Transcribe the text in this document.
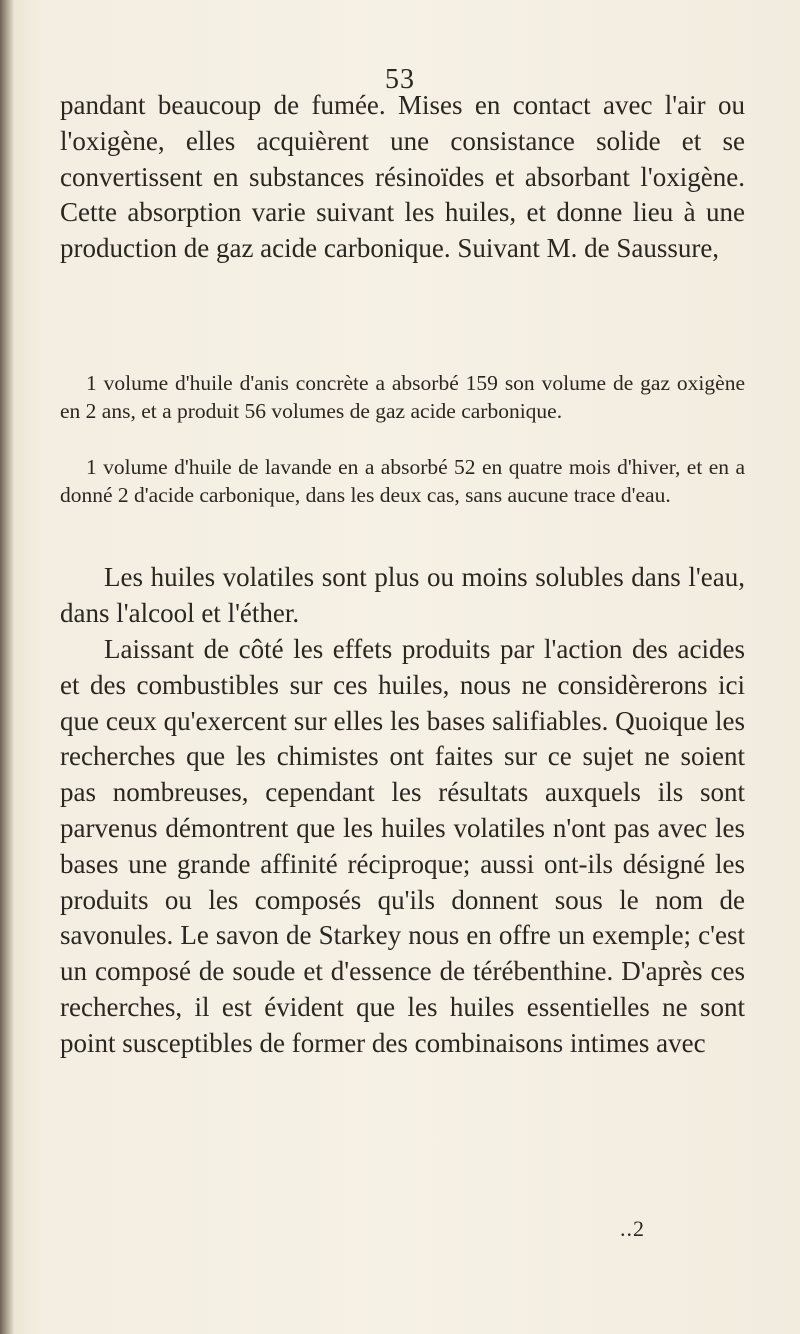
53

pandant beaucoup de fumée. Mises en contact avec l'air ou l'oxigène, elles acquièrent une consistance solide et se convertissent en substances résinoïdes et absorbant l'oxigène. Cette absorption varie suivant les huiles, et donne lieu à une production de gaz acide carbonique. Suivant M. de Saussure,

1 volume d'huile d'anis concrète a absorbé 159 son volume de gaz oxigène en 2 ans, et a produit 56 volumes de gaz acide carbonique.

1 volume d'huile de lavande en a absorbé 52 en quatre mois d'hiver, et en a donné 2 d'acide carbonique, dans les deux cas, sans aucune trace d'eau.

Les huiles volatiles sont plus ou moins solubles dans l'eau, dans l'alcool et l'éther.

Laissant de côté les effets produits par l'action des acides et des combustibles sur ces huiles, nous ne considèrerons ici que ceux qu'exercent sur elles les bases salifiables. Quoique les recherches que les chimistes ont faites sur ce sujet ne soient pas nombreuses, cependant les résultats auxquels ils sont parvenus démontrent que les huiles volatiles n'ont pas avec les bases une grande affinité réciproque; aussi ont-ils désigné les produits ou les composés qu'ils donnent sous le nom de savonules. Le savon de Starkey nous en offre un exemple; c'est un composé de soude et d'essence de térébenthine. D'après ces recherches, il est évident que les huiles essentielles ne sont point susceptibles de former des combinaisons intimes avec

..2
